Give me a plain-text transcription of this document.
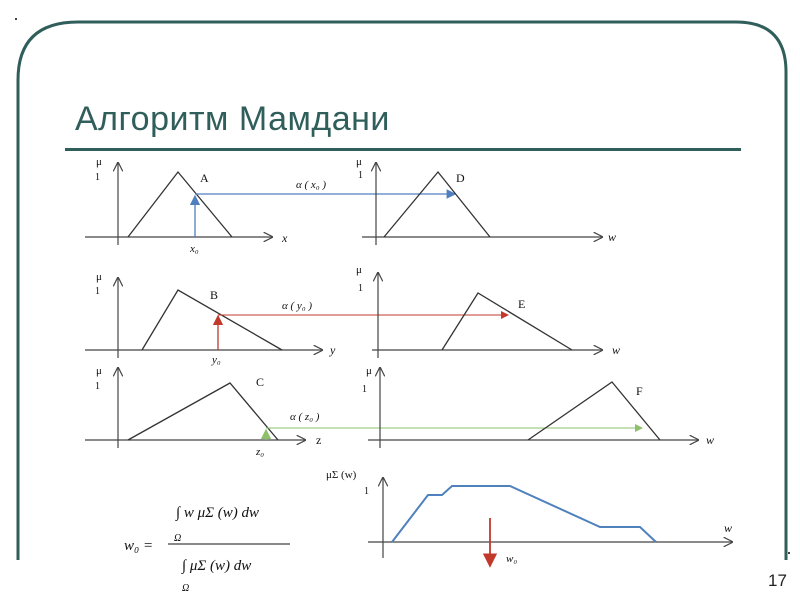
Алгоритм Мамдани
μ
1	A
x
x₀
α ( x₀ )
μ
1	D
w
μ
1	B
y
y₀
α ( y₀ )
μ
1
E
w
μ
1	C
z
z₀
α ( z₀ )
μ
1	F
w
μΣ (w)
1
w
w₀
w₀ =
∫ w μΣ (w) dw
Ω
∫ μΣ (w) dw
Ω	17
